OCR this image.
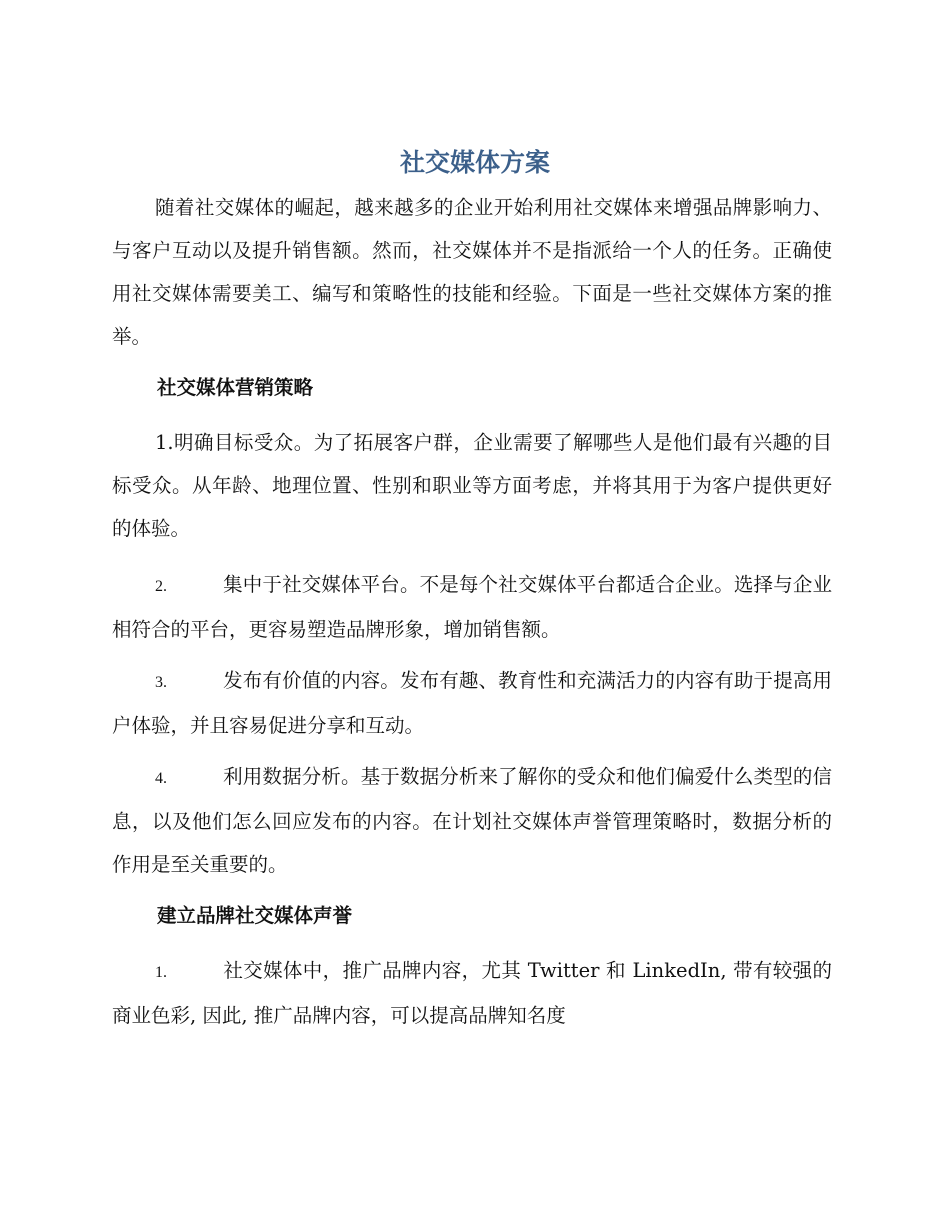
社交媒体方案
随着社交媒体的崛起，越来越多的企业开始利用社交媒体来增强品牌影响力、与客户互动以及提升销售额。然而，社交媒体并不是指派给一个人的任务。正确使用社交媒体需要美工、编写和策略性的技能和经验。下面是一些社交媒体方案的推举。
社交媒体营销策略
1.明确目标受众。为了拓展客户群，企业需要了解哪些人是他们最有兴趣的目标受众。从年龄、地理位置、性别和职业等方面考虑，并将其用于为客户提供更好的体验。
2.	集中于社交媒体平台。不是每个社交媒体平台都适合企业。选择与企业相符合的平台，更容易塑造品牌形象，增加销售额。
3.	发布有价值的内容。发布有趣、教育性和充满活力的内容有助于提高用户体验，并且容易促进分享和互动。
4.	利用数据分析。基于数据分析来了解你的受众和他们偏爱什么类型的信息，以及他们怎么回应发布的内容。在计划社交媒体声誉管理策略时，数据分析的作用是至关重要的。
建立品牌社交媒体声誉
1.	社交媒体中，推广品牌内容，尤其 Twitter 和 LinkedIn, 带有较强的商业色彩, 因此, 推广品牌内容，可以提高品牌知名度
